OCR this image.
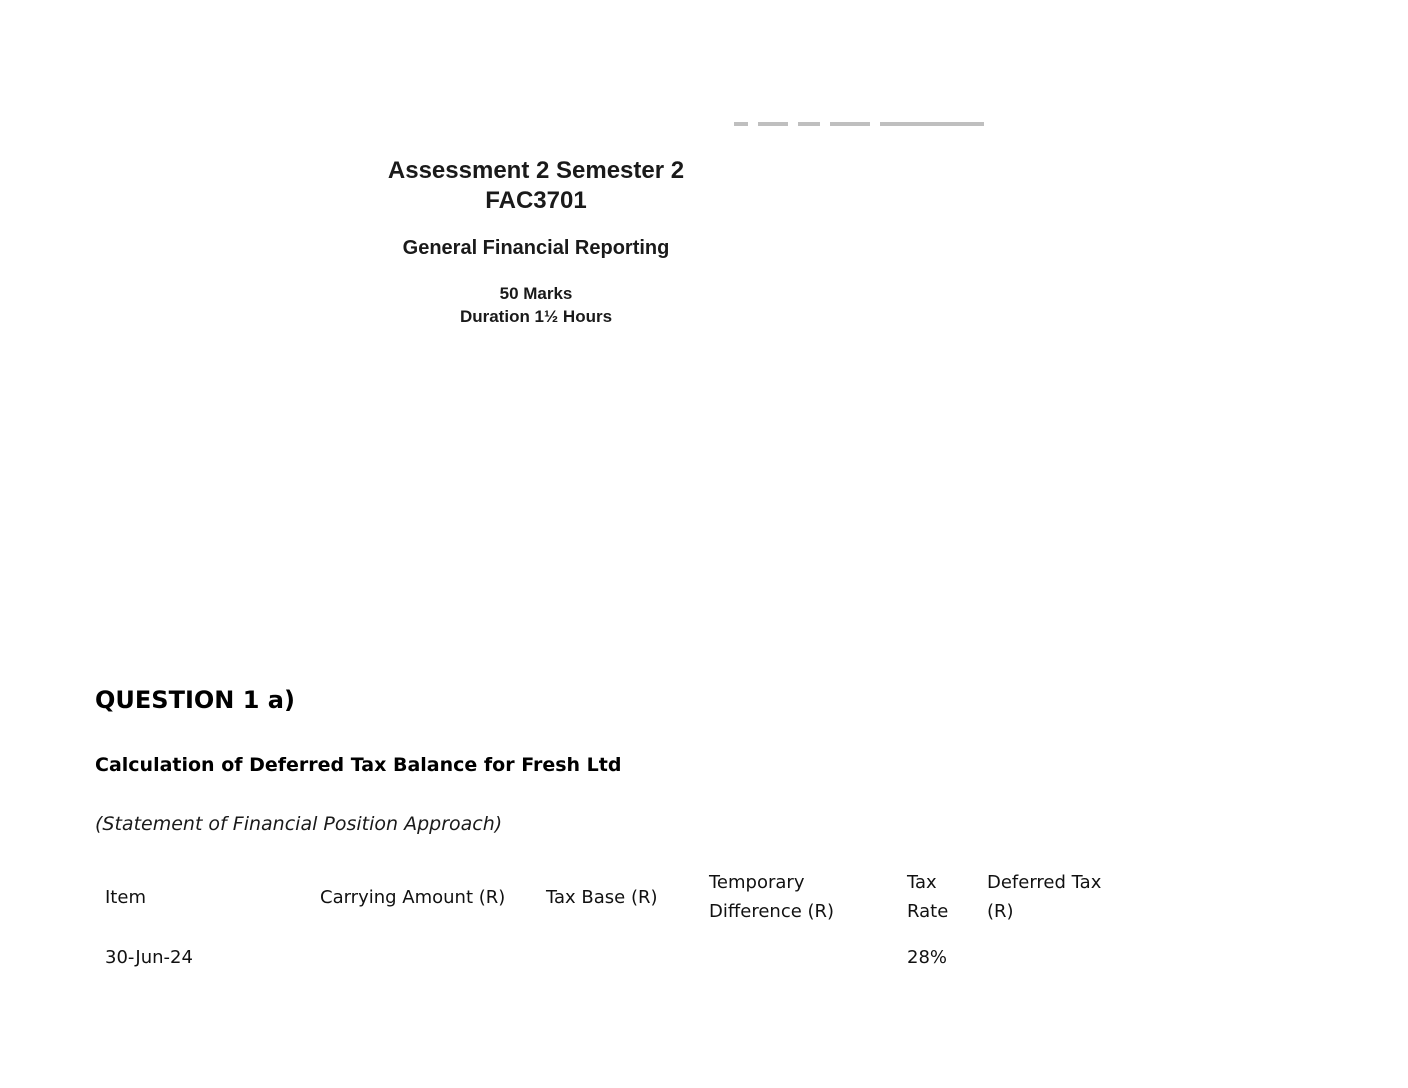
Assessment 2 Semester 2
FAC3701
General Financial Reporting
50 Marks
Duration 1½ Hours
QUESTION 1 a)
Calculation of Deferred Tax Balance for Fresh Ltd
(Statement of Financial Position Approach)
Item	Carrying Amount (R)	Tax Base (R)	Temporary Difference (R)	Tax Rate	Deferred Tax (R)
30-Jun-24				28%	
